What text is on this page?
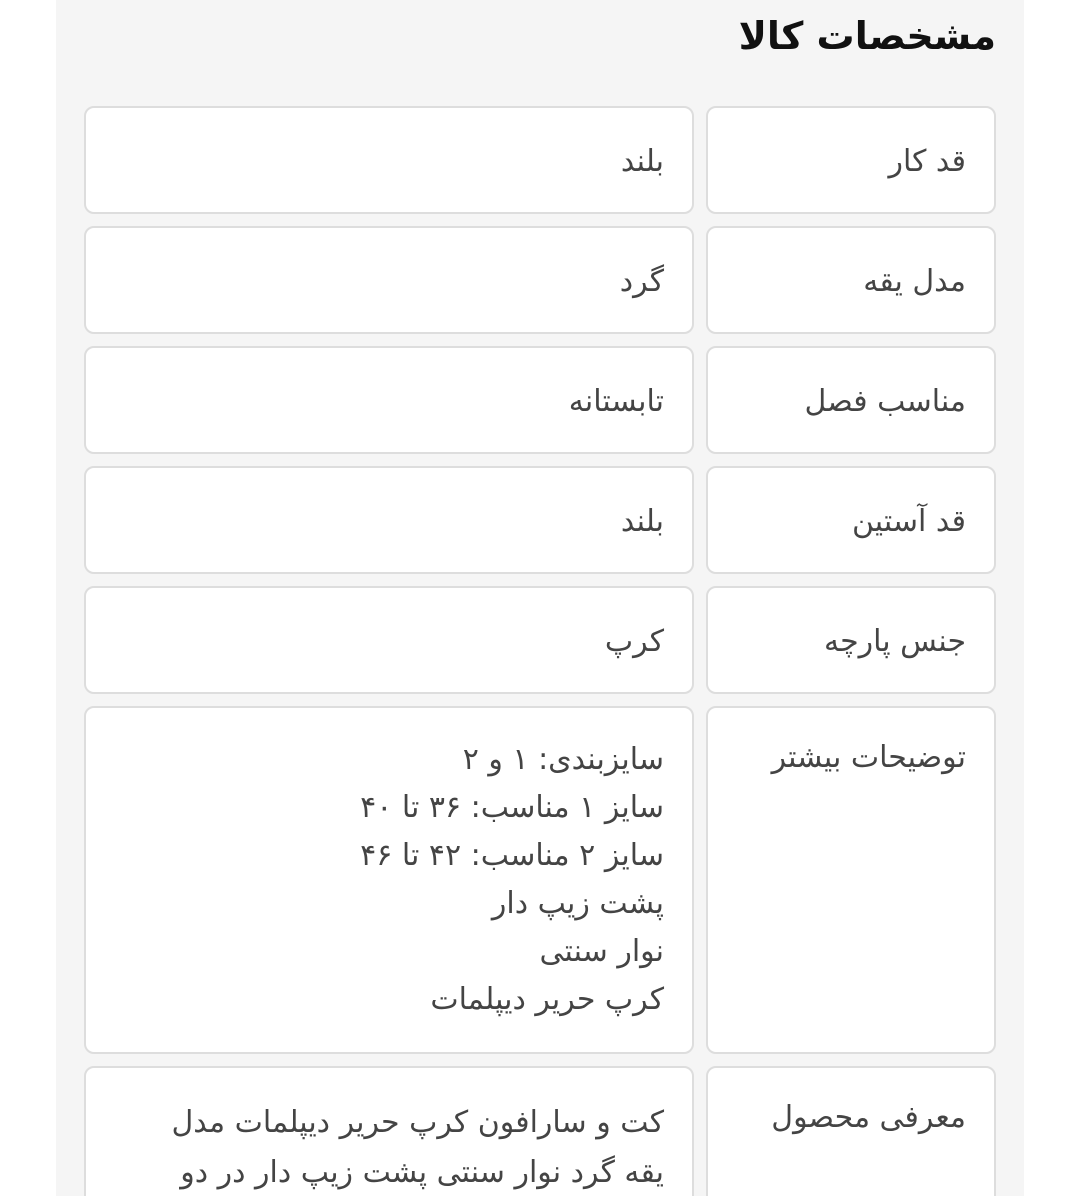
مشخصات کالا
قد کار
بلند
مدل یقه
گرد
مناسب فصل
تابستانه
قد آستین
بلند
جنس پارچه
کرپ
توضیحات بیشتر
سایزبندی: ۱ و ۲
سایز ۱ مناسب: ۳۶ تا ۴۰
سایز ۲ مناسب: ۴۲ تا ۴۶
پشت زیپ دار
نوار سنتی
کرپ حریر دیپلمات
معرفی محصول
کت و سارافون کرپ حریر دیپلمات مدل
یقه گرد نوار سنتی پشت زیپ دار در دو
